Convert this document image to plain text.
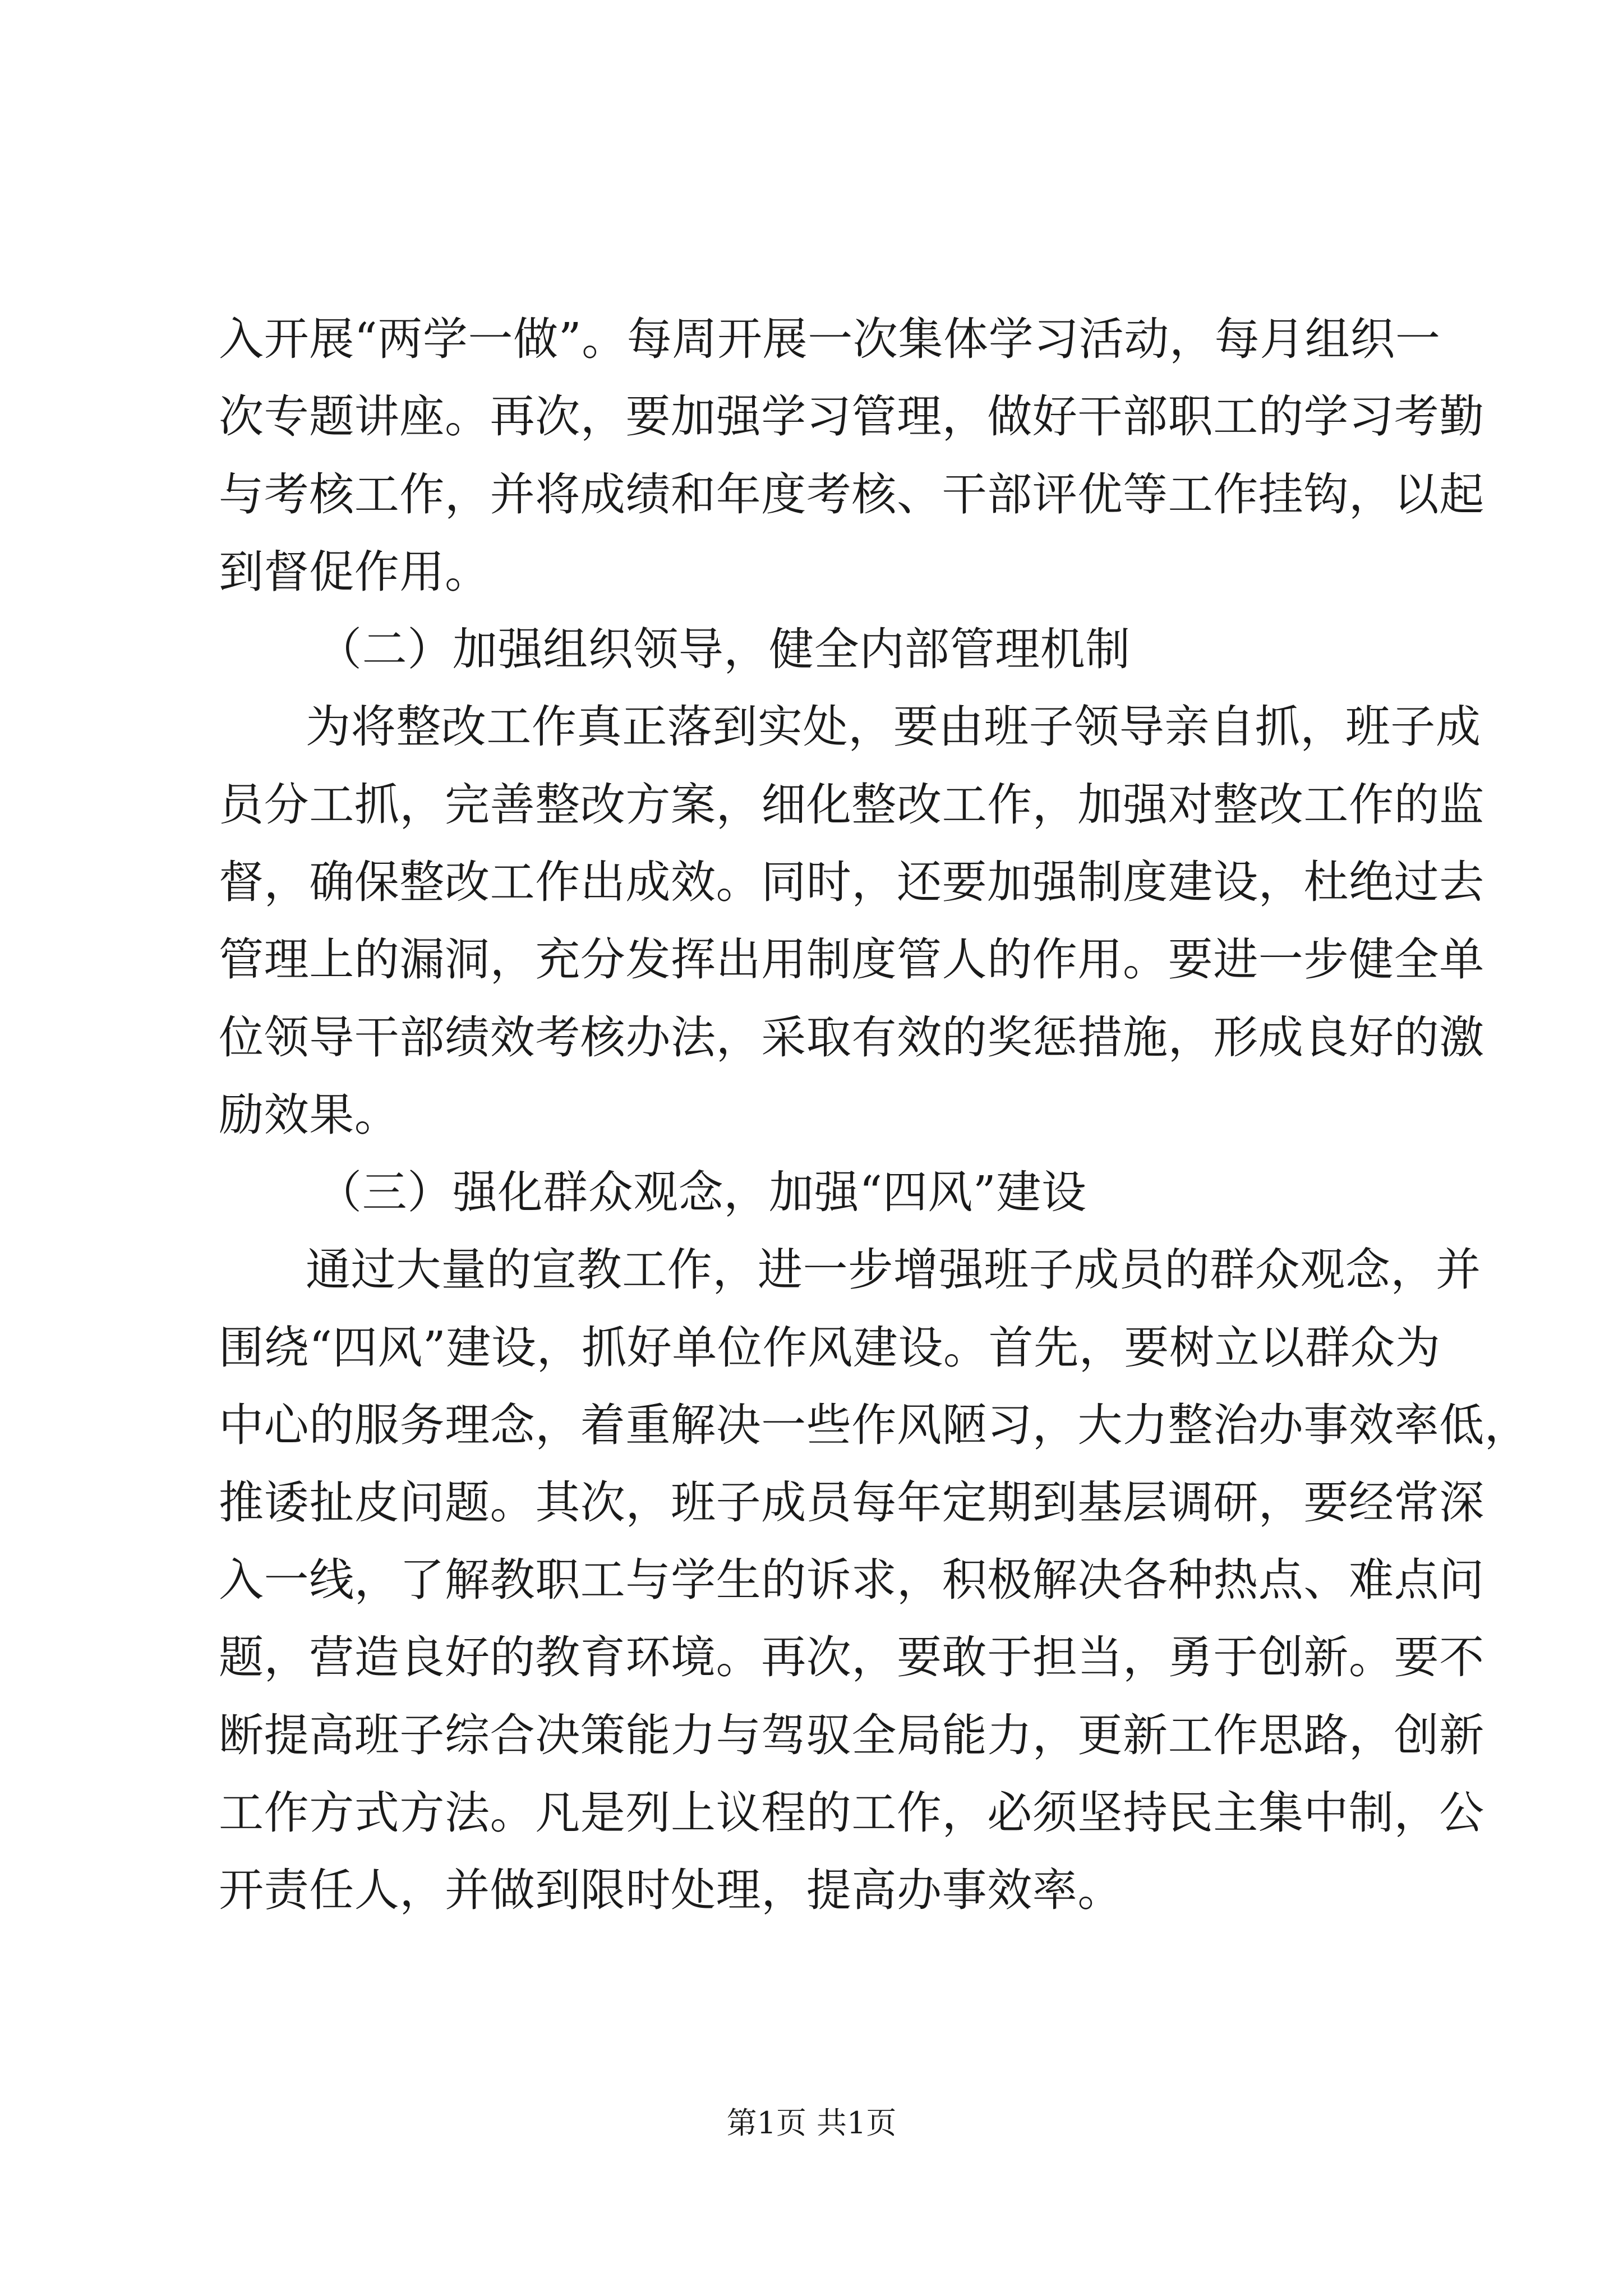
入开展“两学一做”。每周开展一次集体学习活动，每月组织一
次专题讲座。再次，要加强学习管理，做好干部职工的学习考勤
与考核工作，并将成绩和年度考核、干部评优等工作挂钩，以起
到督促作用。
（二）加强组织领导，健全内部管理机制
为将整改工作真正落到实处，要由班子领导亲自抓，班子成
员分工抓，完善整改方案，细化整改工作，加强对整改工作的监
督，确保整改工作出成效。同时，还要加强制度建设，杜绝过去
管理上的漏洞，充分发挥出用制度管人的作用。要进一步健全单
位领导干部绩效考核办法，采取有效的奖惩措施，形成良好的激
励效果。
（三）强化群众观念，加强“四风”建设
通过大量的宣教工作，进一步增强班子成员的群众观念，并
围绕“四风”建设，抓好单位作风建设。首先，要树立以群众为
中心的服务理念，着重解决一些作风陋习，大力整治办事效率低，
推诿扯皮问题。其次，班子成员每年定期到基层调研，要经常深
入一线，了解教职工与学生的诉求，积极解决各种热点、难点问
题，营造良好的教育环境。再次，要敢于担当，勇于创新。要不
断提高班子综合决策能力与驾驭全局能力，更新工作思路，创新
工作方式方法。凡是列上议程的工作，必须坚持民主集中制，公
开责任人，并做到限时处理，提高办事效率。
第1页 共1页
